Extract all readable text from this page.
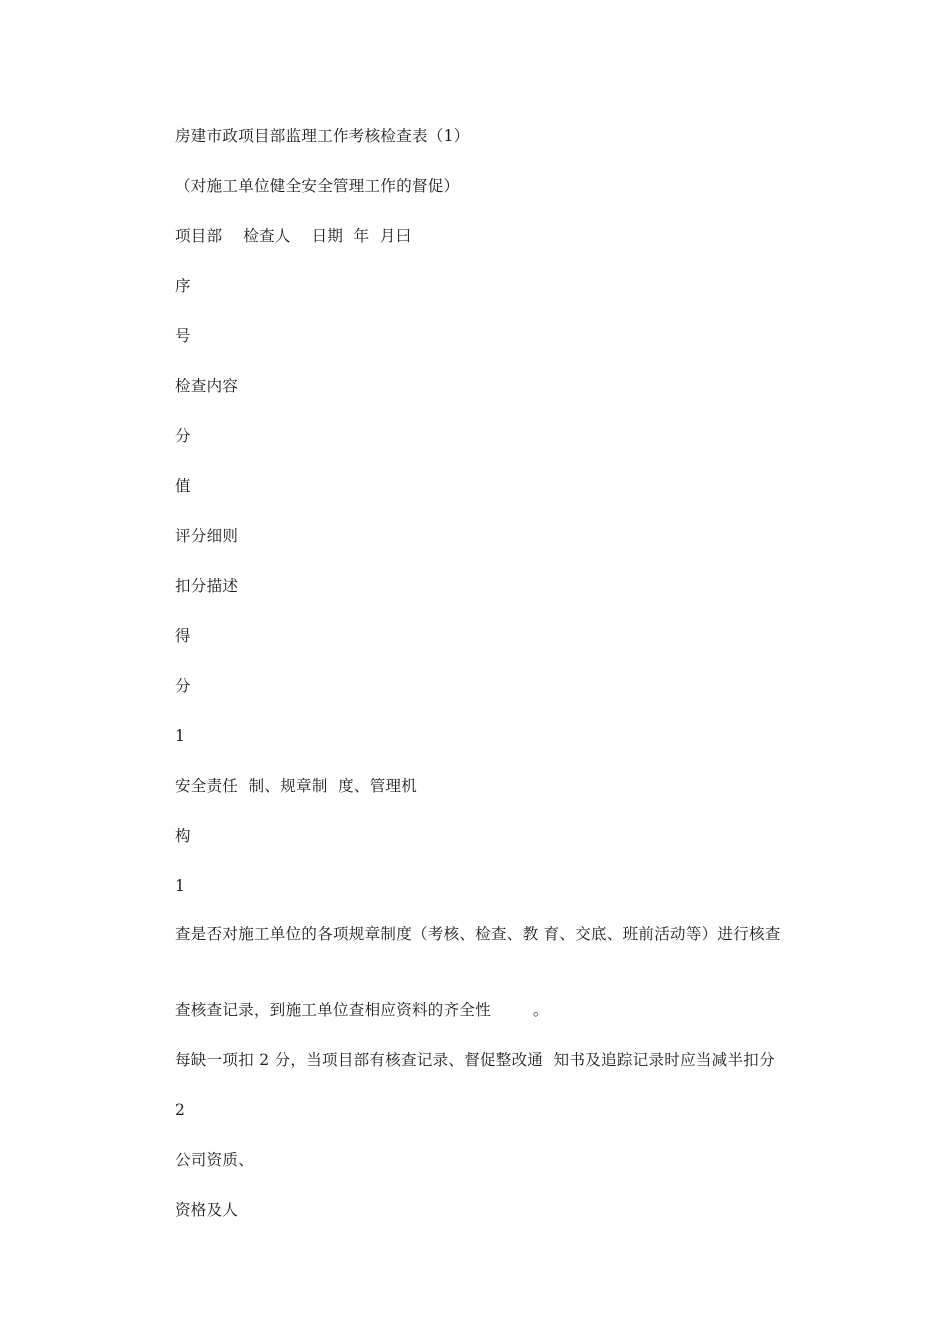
房建市政项目部监理工作考核检查表（1）
（对施工单位健全安全管理工作的督促）
项目部    检查人    日期  年  月曰
序
号
检查内容
分
值
评分细则
扣分描述
得
分
1
安全责任  制、规章制  度、管理机
构
1
查是否对施工单位的各项规章制度（考核、检查、教 育、交底、班前活动等）进行核查
查核查记录，到施工单位查相应资料的齐全性        。
每缺一项扣 2 分，当项目部有核查记录、督促整改通  知书及追踪记录时应当减半扣分
2
公司资质、
资格及人
